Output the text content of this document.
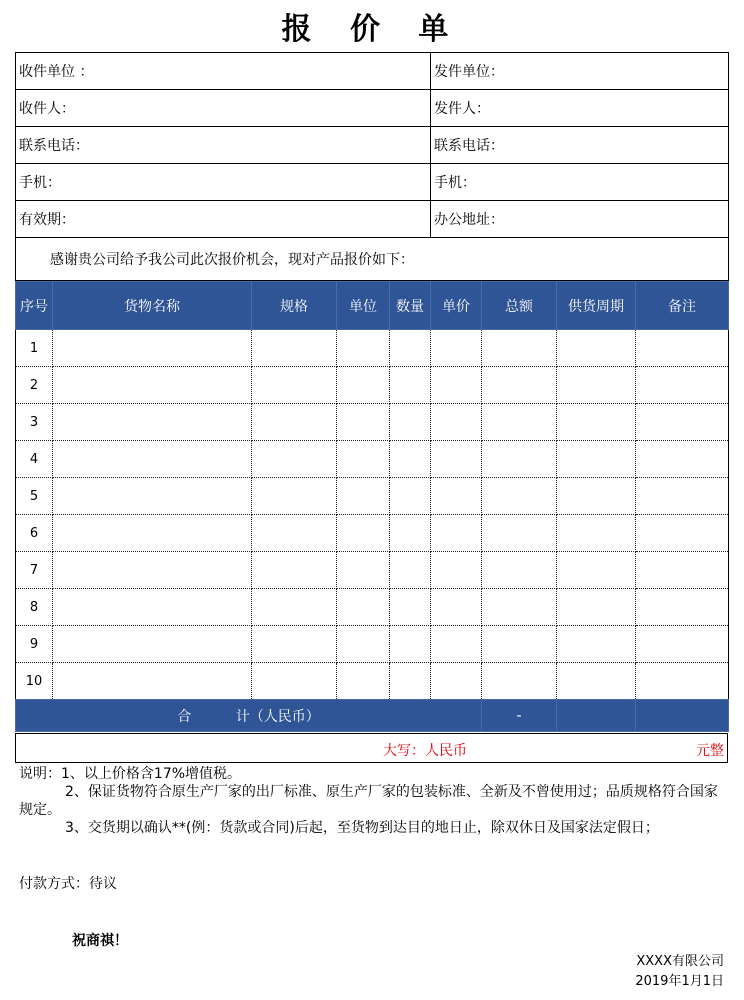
报 价 单
收件单位 ：	发件单位：
收件人：	发件人：
联系电话：	联系电话：
手机：	手机：
有效期：	办公地址：
感谢贵公司给予我公司此次报价机会，现对产品报价如下：	
序号	货物名称	规格	单位	数量	单价	总额	供货周期	备注
1								
2								
3								
4								
5								
6								
7								
8								
9								
10								
合          计（人民币）						-		
大写：人民币	元整
说明：1、以上价格含17%增值税。
2、保证货物符合原生产厂家的出厂标准、原生产厂家的包装标准、全新及不曾使用过；品质规格符合国家规定。
3、交货期以确认**(例：货款或合同)后起，至货物到达目的地日止，除双休日及国家法定假日；
付款方式：待议
祝商祺！
XXXX有限公司
2019年1月1日
